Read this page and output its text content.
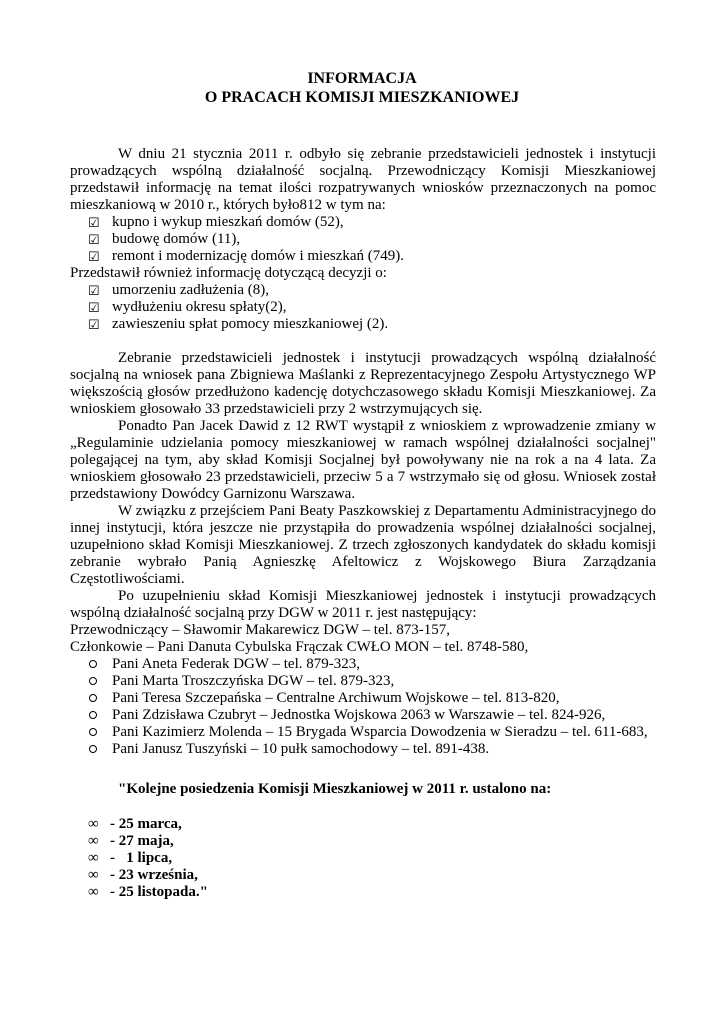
INFORMACJA
O PRACACH KOMISJI MIESZKANIOWEJ

W dniu 21 stycznia 2011 r. odbyło się zebranie przedstawicieli jednostek i instytucji prowadzących wspólną działalność socjalną. Przewodniczący Komisji Mieszkaniowej przedstawił informację na temat ilości rozpatrywanych wniosków przeznaczonych na pomoc mieszkaniową w 2010 r., których było812 w tym na:

☑ kupno i wykup mieszkań domów (52),
☑ budowę domów (11),
☑ remont i modernizację domów i mieszkań (749).

Przedstawił również informację dotyczącą decyzji o:

☑ umorzeniu zadłużenia (8),
☑ wydłużeniu okresu spłaty(2),
☑ zawieszeniu spłat pomocy mieszkaniowej (2).

Zebranie przedstawicieli jednostek i instytucji prowadzących wspólną działalność socjalną na wniosek pana Zbigniewa Maślanki z Reprezentacyjnego Zespołu Artystycznego WP większością głosów przedłużono kadencję dotychczasowego składu Komisji Mieszkaniowej. Za wnioskiem głosowało 33 przedstawicieli przy 2 wstrzymujących się.

Ponadto Pan Jacek Dawid z 12 RWT wystąpił z wnioskiem z wprowadzenie zmiany w „Regulaminie udzielania pomocy mieszkaniowej w ramach wspólnej działalności socjalnej" polegającej na tym, aby skład Komisji Socjalnej był powoływany nie na rok a na 4 lata. Za wnioskiem głosowało 23 przedstawicieli, przeciw 5 a 7 wstrzymało się od głosu. Wniosek został przedstawiony Dowódcy Garnizonu Warszawa.

W związku z przejściem Pani Beaty Paszkowskiej z Departamentu Administracyjnego do innej instytucji, która jeszcze nie przystąpiła do prowadzenia wspólnej działalności socjalnej, uzupełniono skład Komisji Mieszkaniowej. Z trzech zgłoszonych kandydatek do składu komisji zebranie wybrało Panią Agnieszkę Afeltowicz z Wojskowego Biura Zarządzania Częstotliwościami.

Po uzupełnieniu skład Komisji Mieszkaniowej jednostek i instytucji prowadzących wspólną działalność socjalną przy DGW w 2011 r. jest następujący:

Przewodniczący – Sławomir Makarewicz DGW – tel. 873-157,

Członkowie – Pani Danuta Cybulska Frączak CWŁO MON – tel. 8748-580,

Pani Aneta Federak DGW – tel. 879-323,
Pani Marta Troszczyńska DGW – tel. 879-323,
Pani Teresa Szczepańska – Centralne Archiwum Wojskowe – tel. 813-820,
Pani Zdzisława Czubryt – Jednostka Wojskowa 2063 w Warszawie – tel. 824-926,
Pani Kazimierz Molenda – 15 Brygada Wsparcia Dowodzenia w Sieradzu – tel. 611-683,
Pani Janusz Tuszyński – 10 pułk samochodowy – tel. 891-438.

"Kolejne posiedzenia Komisji Mieszkaniowej w 2011 r. ustalono na:

∞ - 25 marca,
∞ - 27 maja,
∞ -   1 lipca,
∞ - 23 września,
∞ - 25 listopada."
